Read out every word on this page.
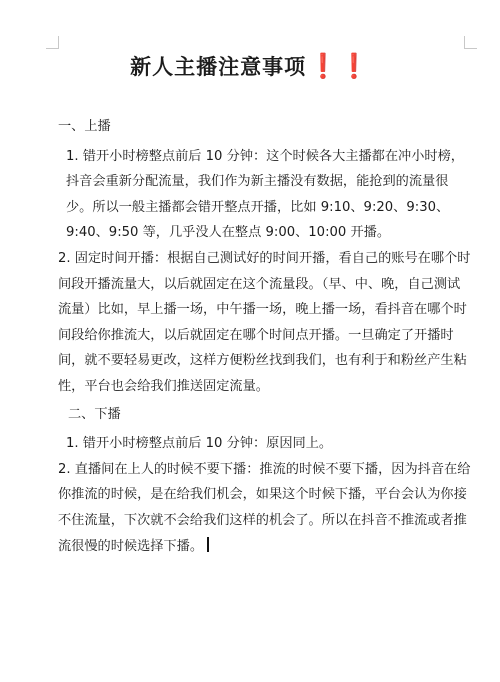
新人主播注意事项❗❗

一、上播

1. 错开小时榜整点前后 10 分钟：这个时候各大主播都在冲小时榜，抖音会重新分配流量，我们作为新主播没有数据，能抢到的流量很少。所以一般主播都会错开整点开播，比如 9:10、9:20、9:30、9:40、9:50 等，几乎没人在整点 9:00、10:00 开播。

2. 固定时间开播：根据自己测试好的时间开播，看自己的账号在哪个时间段开播流量大，以后就固定在这个流量段。（早、中、晚，自己测试流量）比如，早上播一场，中午播一场，晚上播一场，看抖音在哪个时间段给你推流大，以后就固定在哪个时间点开播。一旦确定了开播时间，就不要轻易更改，这样方便粉丝找到我们，也有利于和粉丝产生粘性，平台也会给我们推送固定流量。

二、下播

1. 错开小时榜整点前后 10 分钟：原因同上。

2. 直播间在上人的时候不要下播：推流的时候不要下播，因为抖音在给你推流的时候，是在给我们机会，如果这个时候下播，平台会认为你接不住流量，下次就不会给我们这样的机会了。所以在抖音不推流或者推流很慢的时候选择下播。
